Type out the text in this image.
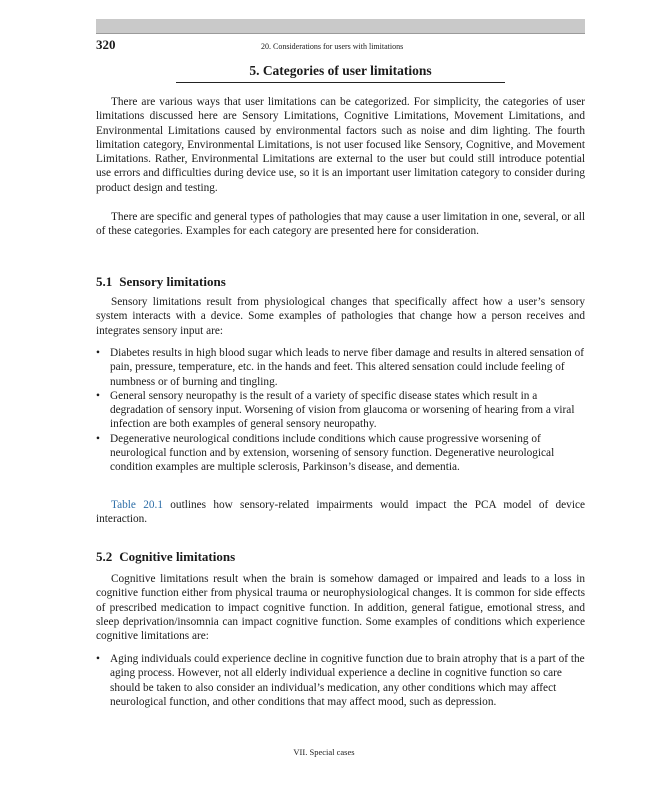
320	20. Considerations for users with limitations
5. Categories of user limitations

There are various ways that user limitations can be categorized. For simplicity, the categories of user limitations discussed here are Sensory Limitations, Cognitive Limitations, Movement Limitations, and Environmental Limitations caused by environmental factors such as noise and dim lighting. The fourth limitation category, Environmental Limitations, is not user focused like Sensory, Cognitive, and Movement Limitations. Rather, Environmental Limitations are external to the user but could still introduce potential use errors and difficulties during device use, so it is an important user limitation category to consider during product design and testing.

There are specific and general types of pathologies that may cause a user limitation in one, several, or all of these categories. Examples for each category are presented here for consideration.

5.1 Sensory limitations

Sensory limitations result from physiological changes that specifically affect how a user’s sensory system interacts with a device. Some examples of pathologies that change how a person receives and integrates sensory input are:

• Diabetes results in high blood sugar which leads to nerve fiber damage and results in altered sensation of pain, pressure, temperature, etc. in the hands and feet. This altered sensation could include feeling of numbness or of burning and tingling.
• General sensory neuropathy is the result of a variety of specific disease states which result in a degradation of sensory input. Worsening of vision from glaucoma or worsening of hearing from a viral infection are both examples of general sensory neuropathy.
• Degenerative neurological conditions include conditions which cause progressive worsening of neurological function and by extension, worsening of sensory function. Degenerative neurological condition examples are multiple sclerosis, Parkinson’s disease, and dementia.

Table 20.1 outlines how sensory-related impairments would impact the PCA model of device interaction.

5.2 Cognitive limitations

Cognitive limitations result when the brain is somehow damaged or impaired and leads to a loss in cognitive function either from physical trauma or neurophysiological changes. It is common for side effects of prescribed medication to impact cognitive function. In addition, general fatigue, emotional stress, and sleep deprivation/insomnia can impact cognitive function. Some examples of conditions which experience cognitive limitations are:

• Aging individuals could experience decline in cognitive function due to brain atrophy that is a part of the aging process. However, not all elderly individual experience a decline in cognitive function so care should be taken to also consider an individual’s medication, any other conditions which may affect neurological function, and other conditions that may affect mood, such as depression.
VII. Special cases
